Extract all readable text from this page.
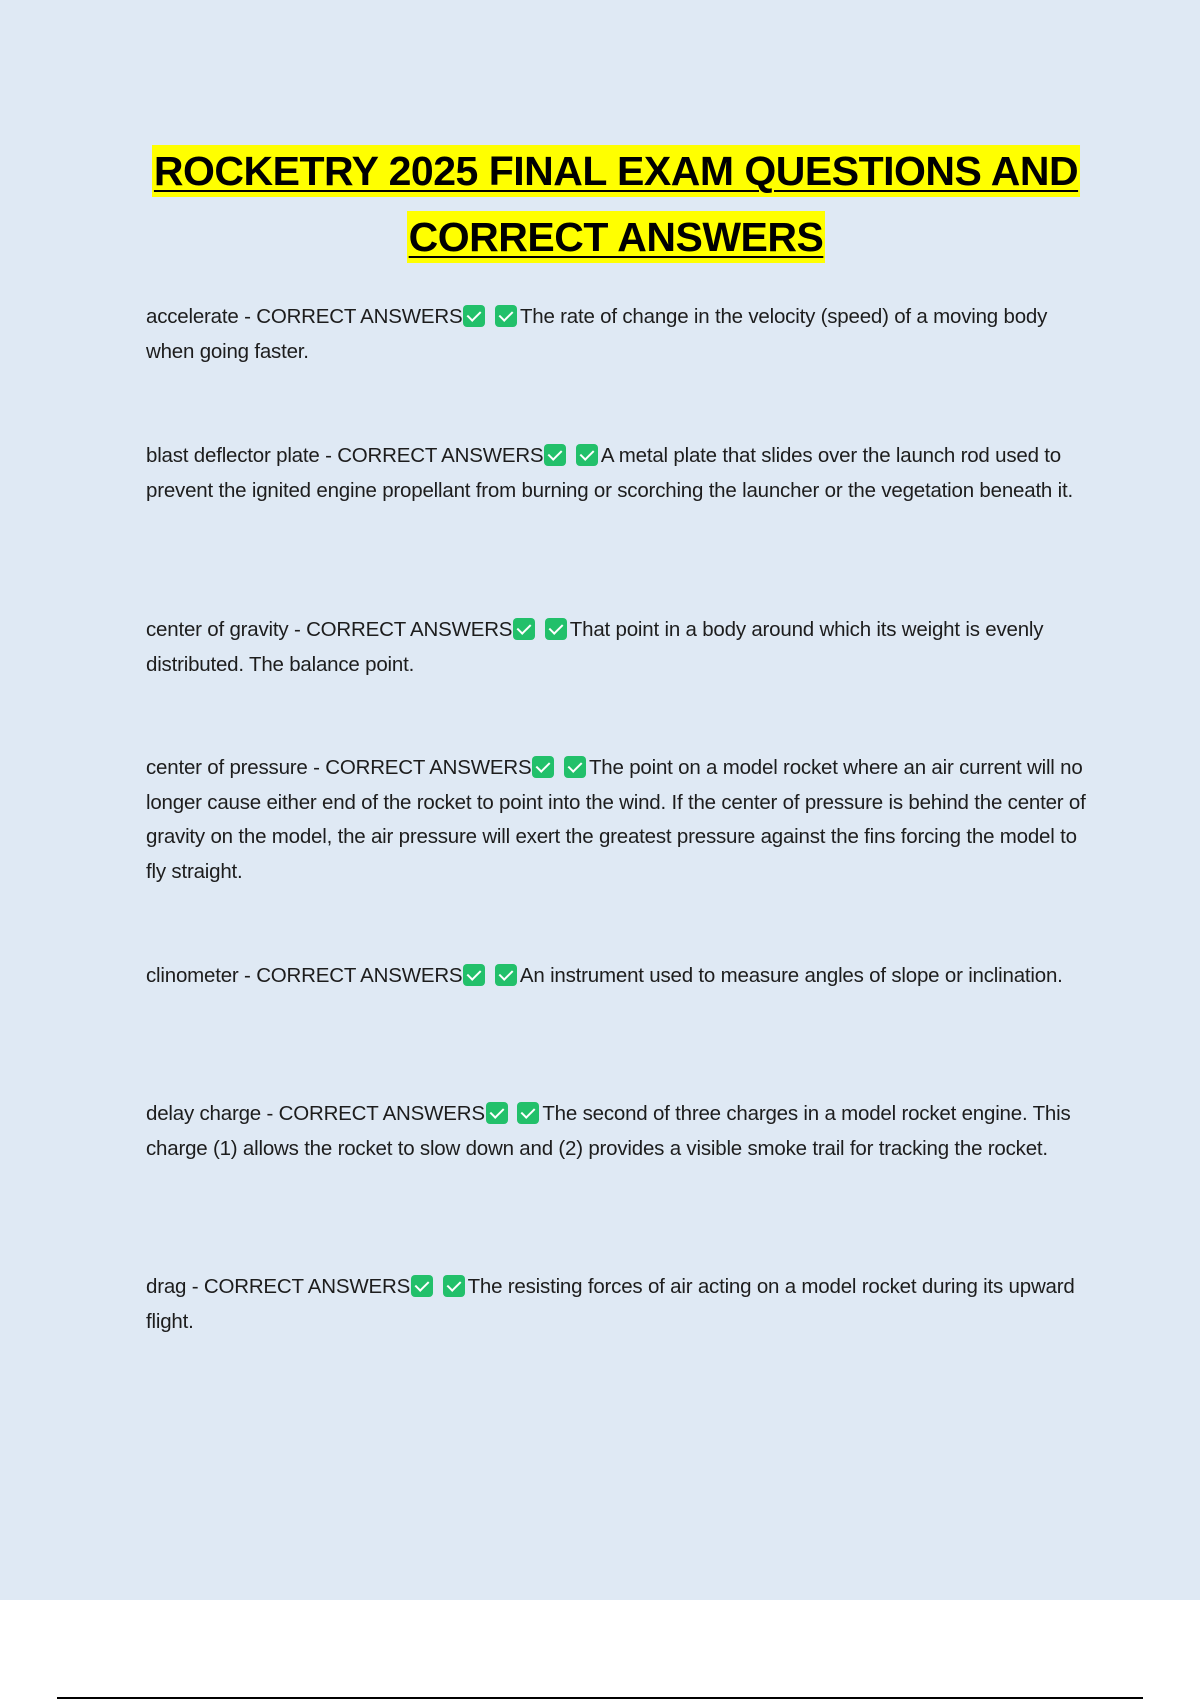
ROCKETRY 2025 FINAL EXAM QUESTIONS AND
CORRECT ANSWERS
accelerate - CORRECT ANSWERS	The rate of change in the velocity (speed) of a moving body when going faster.
blast deflector plate - CORRECT ANSWERS	A metal plate that slides over the launch rod used to prevent the ignited engine propellant from burning or scorching the launcher or the vegetation beneath it.
center of gravity - CORRECT ANSWERS	That point in a body around which its weight is evenly distributed. The balance point.
center of pressure - CORRECT ANSWERS	The point on a model rocket where an air current will no longer cause either end of the rocket to point into the wind. If the center of pressure is behind the center of gravity on the model, the air pressure will exert the greatest pressure against the fins forcing the model to fly straight.
clinometer - CORRECT ANSWERS	An instrument used to measure angles of slope or inclination.
delay charge - CORRECT ANSWERS	The second of three charges in a model rocket engine. This charge (1) allows the rocket to slow down and (2) provides a visible smoke trail for tracking the rocket.
drag - CORRECT ANSWERS	The resisting forces of air acting on a model rocket during its upward flight.
